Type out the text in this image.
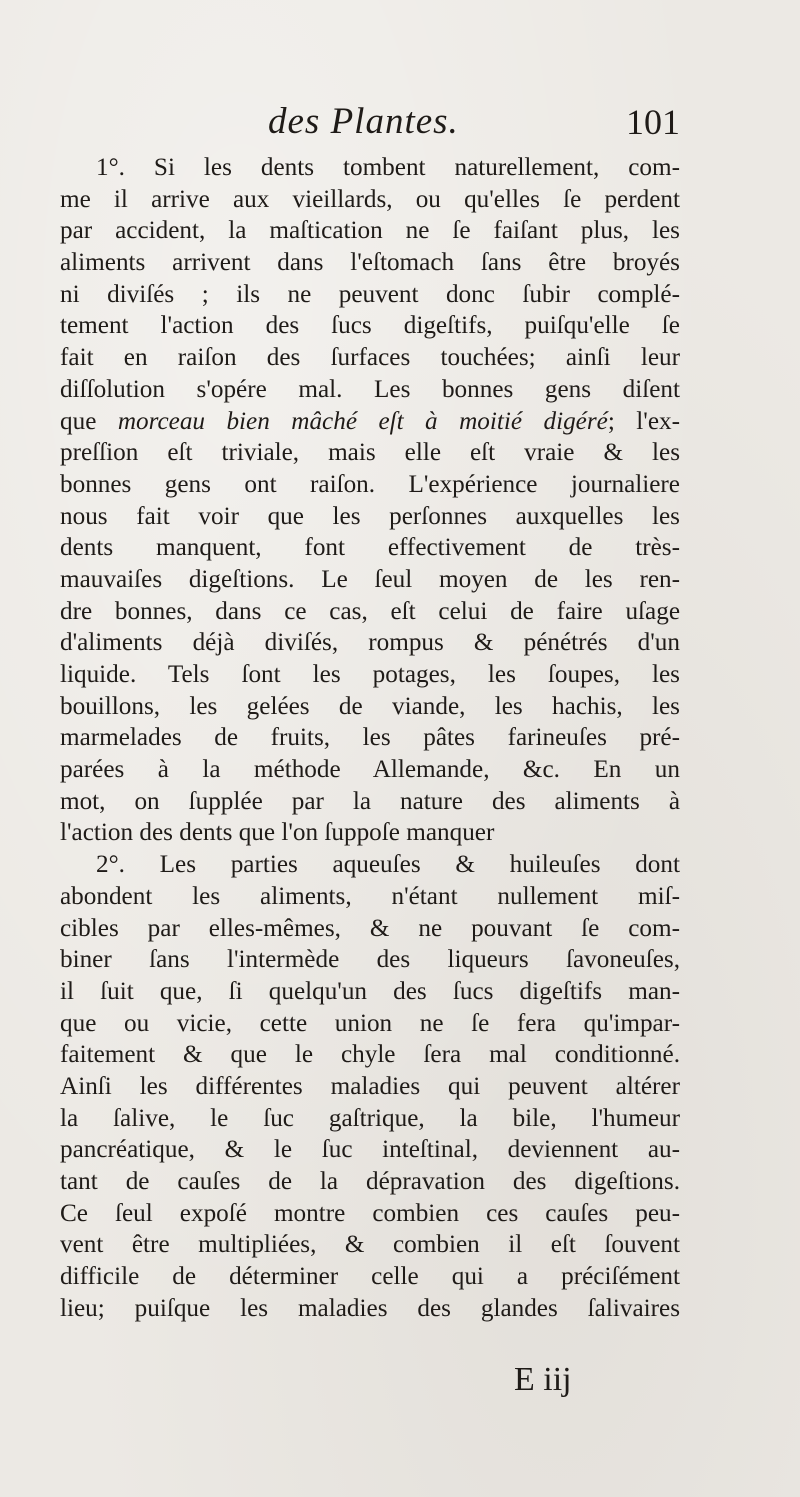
des Plantes.	101
1°. Si les dents tombent naturellement, com-
me il arrive aux vieillards, ou qu'elles ſe perdent
par accident, la maſtication ne ſe faiſant plus, les
aliments arrivent dans l'eſtomach ſans être broyés
ni diviſés ; ils ne peuvent donc ſubir complé-
tement l'action des ſucs digeſtifs, puiſqu'elle ſe
fait en raiſon des ſurfaces touchées; ainſi leur
diſſolution s'opére mal. Les bonnes gens diſent
que morceau bien mâché eſt à moitié digéré; l'ex-
preſſion eſt triviale, mais elle eſt vraie & les
bonnes gens ont raiſon. L'expérience journaliere
nous fait voir que les perſonnes auxquelles les
dents manquent, font effectivement de très-
mauvaiſes digeſtions. Le ſeul moyen de les ren-
dre bonnes, dans ce cas, eſt celui de faire uſage
d'aliments déjà diviſés, rompus & pénétrés d'un
liquide. Tels ſont les potages, les ſoupes, les
bouillons, les gelées de viande, les hachis, les
marmelades de fruits, les pâtes farineuſes pré-
parées à la méthode Allemande, &c. En un
mot, on ſupplée par la nature des aliments à
l'action des dents que l'on ſuppoſe manquer
2°. Les parties aqueuſes & huileuſes dont
abondent les aliments, n'étant nullement miſ-
cibles par elles-mêmes, & ne pouvant ſe com-
biner ſans l'intermède des liqueurs ſavoneuſes,
il ſuit que, ſi quelqu'un des ſucs digeſtifs man-
que ou vicie, cette union ne ſe fera qu'impar-
faitement & que le chyle ſera mal conditionné.
Ainſi les différentes maladies qui peuvent altérer
la ſalive, le ſuc gaſtrique, la bile, l'humeur
pancréatique, & le ſuc inteſtinal, deviennent au-
tant de cauſes de la dépravation des digeſtions.
Ce ſeul expoſé montre combien ces cauſes peu-
vent être multipliées, & combien il eſt ſouvent
difficile de déterminer celle qui a préciſément
lieu; puiſque les maladies des glandes ſalivaires
E iij
